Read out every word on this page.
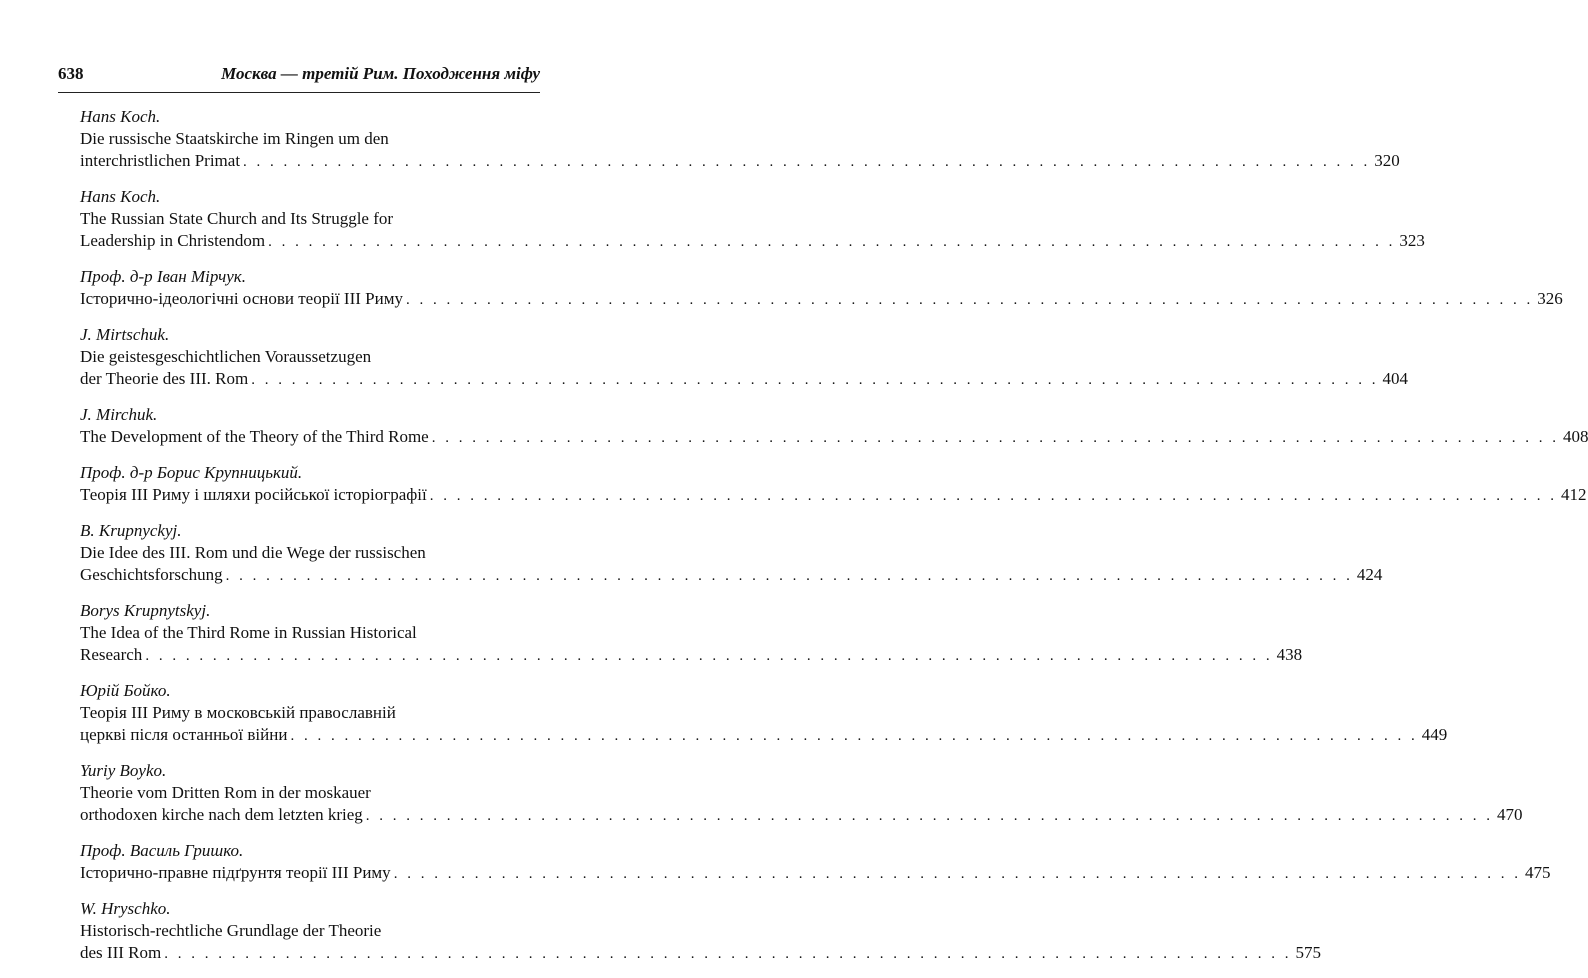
638	Москва — третій Рим. Походження міфу
Hans Koch.
Die russische Staatskirche im Ringen um den
interchristlichen Primat . . . . . . . . . . . . . . . . . . . . . . . . . . . . . . . . . . . . . . . . . . . . . . . . . . . . . . . . . . . . . . . . . . . . . . . . . . . . . . . . . . . . 320
Hans Koch.
The Russian State Church and Its Struggle for
Leadership in Christendom . . . . . . . . . . . . . . . . . . . . . . . . . . . . . . . . . . . . . . . . . . . . . . . . . . . . . . . . . . . . . . . . . . . . . . . . . . . . . . . . . . . . 323
Проф. д-р Іван Мірчук.
Історично-ідеологічні основи теорії ІІІ Риму . . . . . . . . . . . . . . . . . . . . . . . . . . . . . . . . . . . . . . . . . . . . . . . . . . . . . . . . . . . . . . . . . . . . . . . . . . . . . . . . . . . . 326
J. Mirtschuk.
Die geistesgeschichtlichen Voraussetzugen
der Theorie des III. Rom . . . . . . . . . . . . . . . . . . . . . . . . . . . . . . . . . . . . . . . . . . . . . . . . . . . . . . . . . . . . . . . . . . . . . . . . . . . . . . . . . . . . 404
J. Mirchuk.
The Development of the Theory of the Third Rome . . . . . . . . . . . . . . . . . . . . . . . . . . . . . . . . . . . . . . . . . . . . . . . . . . . . . . . . . . . . . . . . . . . . . . . . . . . . . . . . . . . . 408
Проф. д-р Борис Крупницький.
Теорія ІІІ Риму і шляхи російської історіографії . . . . . . . . . . . . . . . . . . . . . . . . . . . . . . . . . . . . . . . . . . . . . . . . . . . . . . . . . . . . . . . . . . . . . . . . . . . . . . . . . . . . 412
B. Krupnyckyj.
Die Idee des III. Rom und die Wege der russischen
Geschichtsforschung . . . . . . . . . . . . . . . . . . . . . . . . . . . . . . . . . . . . . . . . . . . . . . . . . . . . . . . . . . . . . . . . . . . . . . . . . . . . . . . . . . . . 424
Borys Krupnytskyj.
The Idea of the Third Rome in Russian Historical
Research . . . . . . . . . . . . . . . . . . . . . . . . . . . . . . . . . . . . . . . . . . . . . . . . . . . . . . . . . . . . . . . . . . . . . . . . . . . . . . . . . . . . 438
Юрій Бойко.
Теорія ІІІ Риму в московській православній
церкві після останньої війни . . . . . . . . . . . . . . . . . . . . . . . . . . . . . . . . . . . . . . . . . . . . . . . . . . . . . . . . . . . . . . . . . . . . . . . . . . . . . . . . . . . . 449
Yuriy Boyko.
Theorie vom Dritten Rom in der moskauer
orthodoxen kirche nach dem letzten krieg . . . . . . . . . . . . . . . . . . . . . . . . . . . . . . . . . . . . . . . . . . . . . . . . . . . . . . . . . . . . . . . . . . . . . . . . . . . . . . . . . . . . 470
Проф. Василь Гришко.
Історично-правне підґрунтя теорії ІІІ Риму . . . . . . . . . . . . . . . . . . . . . . . . . . . . . . . . . . . . . . . . . . . . . . . . . . . . . . . . . . . . . . . . . . . . . . . . . . . . . . . . . . . . 475
W. Hryschko.
Historisch-rechtliche Grundlage der Theorie
des III Rom . . . . . . . . . . . . . . . . . . . . . . . . . . . . . . . . . . . . . . . . . . . . . . . . . . . . . . . . . . . . . . . . . . . . . . . . . . . . . . . . . . . . 575
